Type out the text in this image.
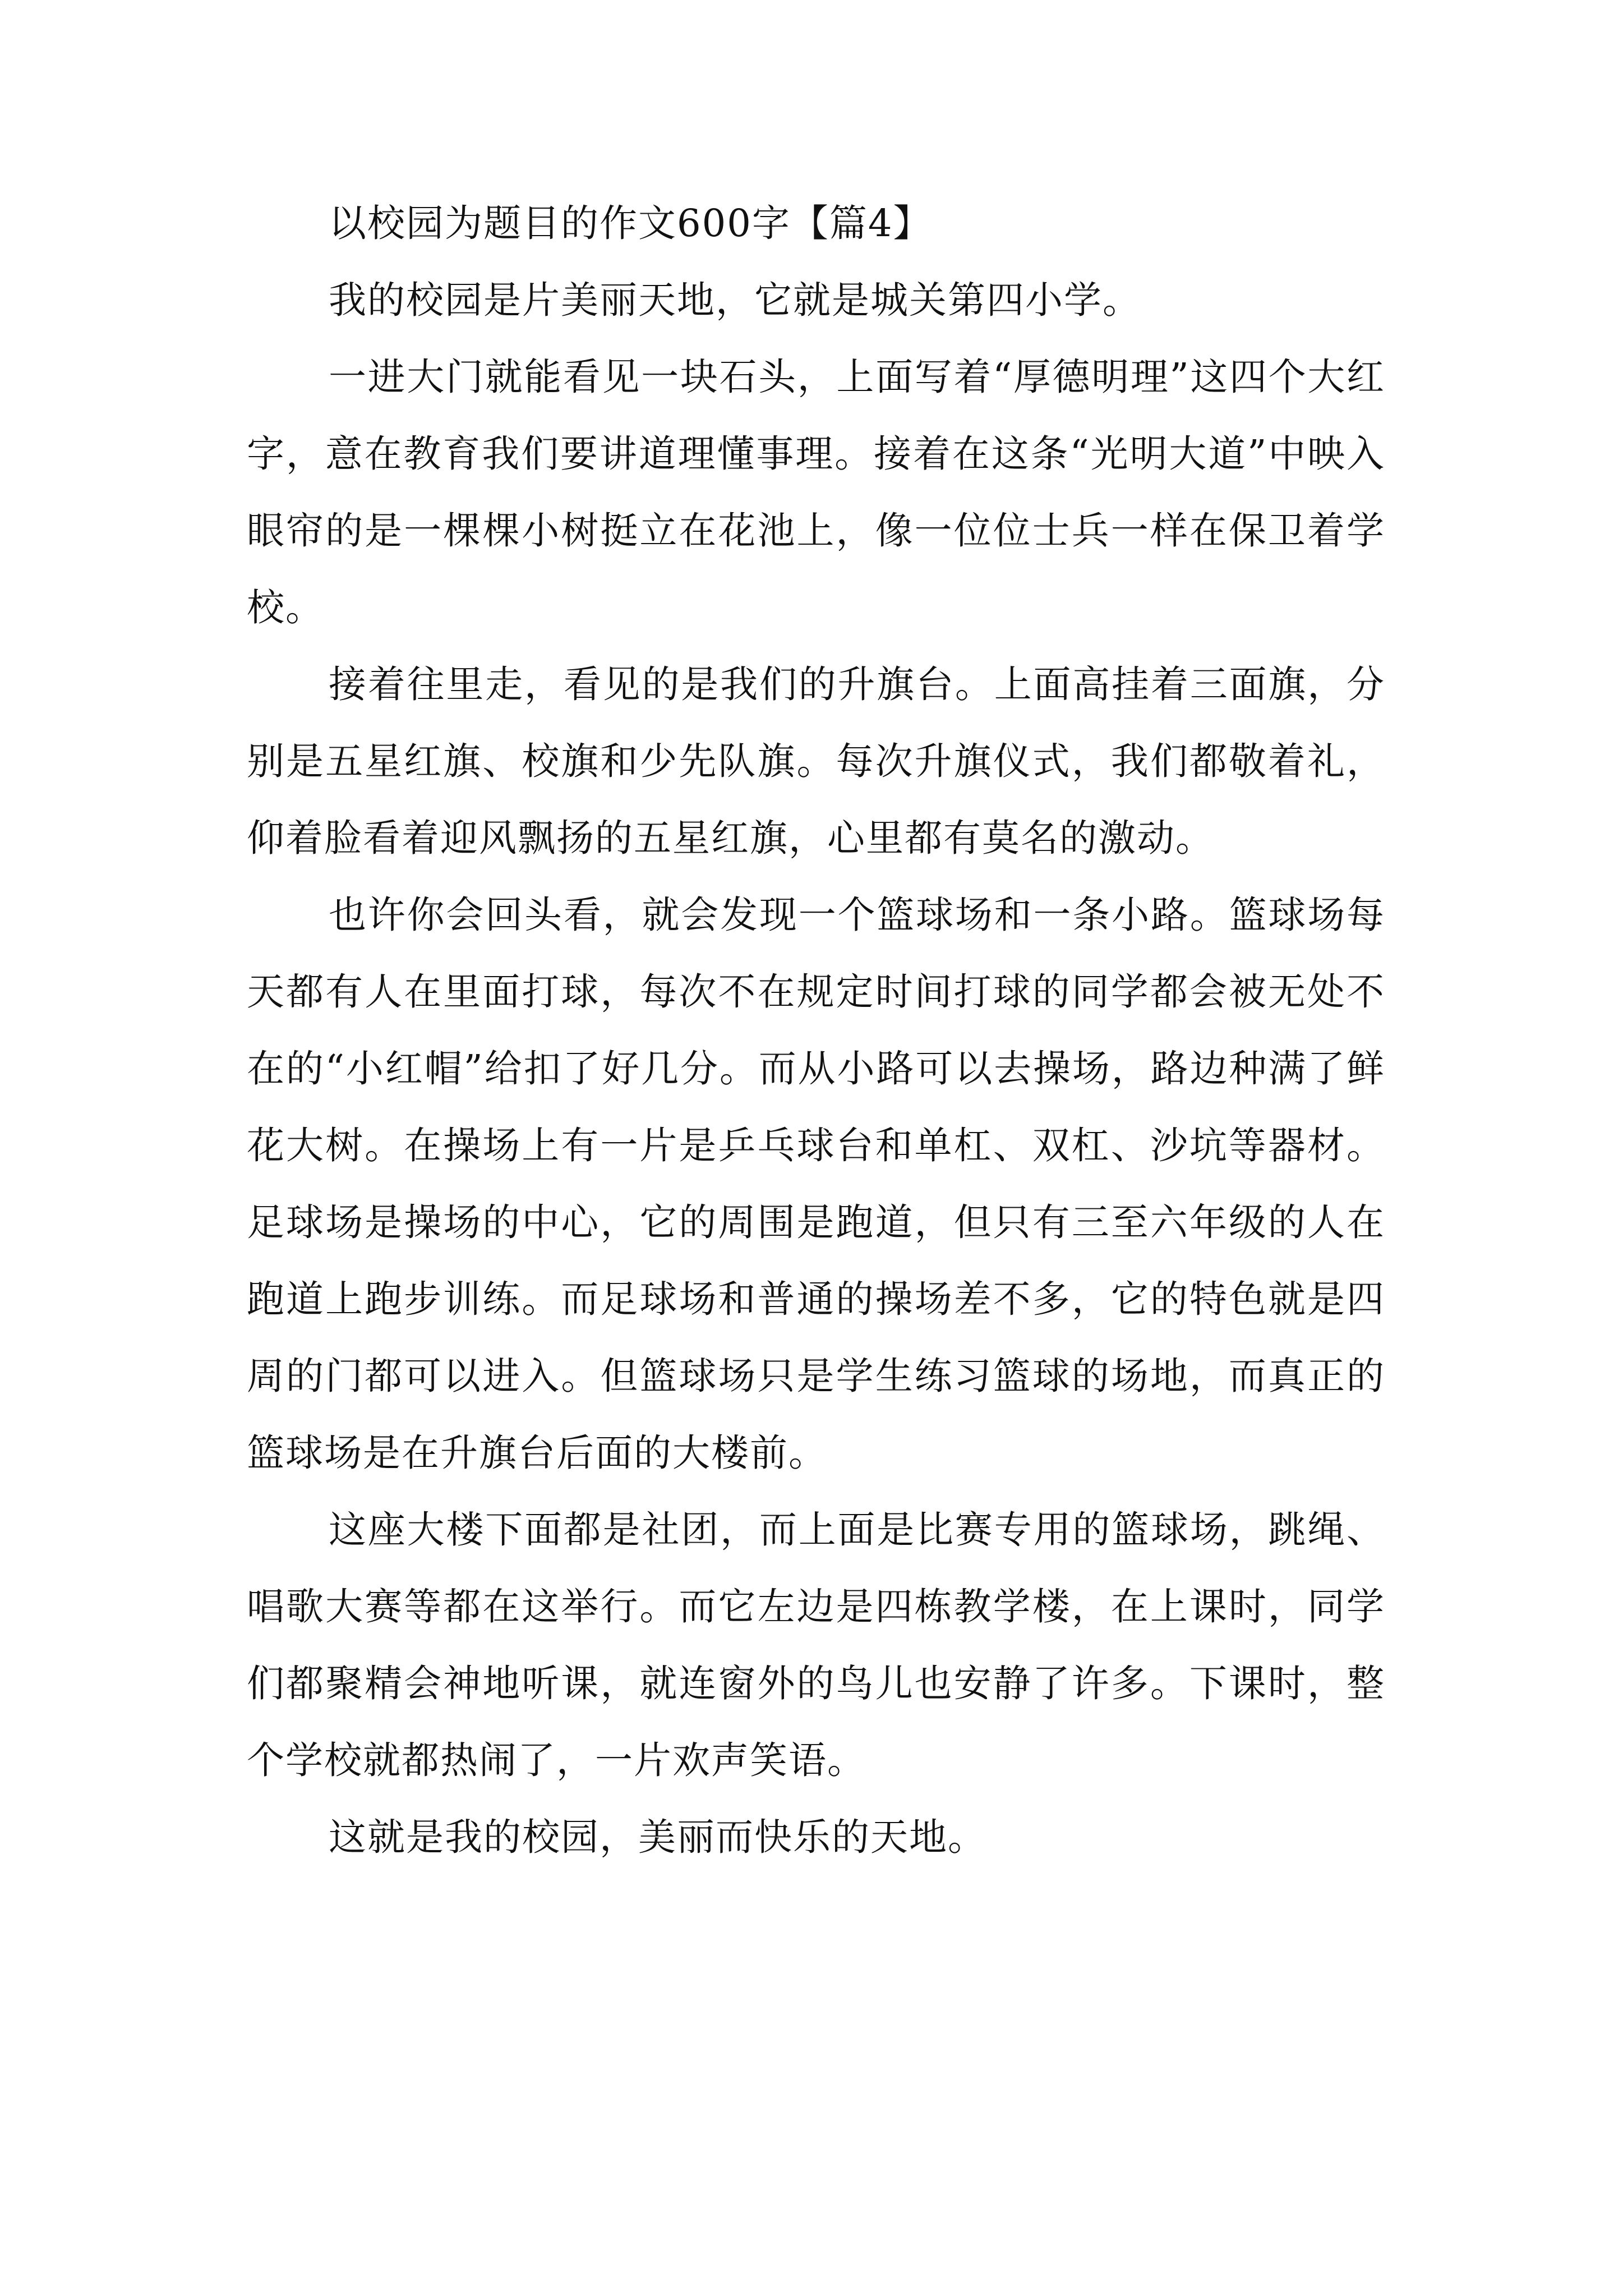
以校园为题目的作文600字【篇4】

我的校园是片美丽天地，它就是城关第四小学。

一进大门就能看见一块石头，上面写着“厚德明理”这四个大红字，意在教育我们要讲道理懂事理。接着在这条“光明大道”中映入眼帘的是一棵棵小树挺立在花池上，像一位位士兵一样在保卫着学校。

接着往里走，看见的是我们的升旗台。上面高挂着三面旗，分别是五星红旗、校旗和少先队旗。每次升旗仪式，我们都敬着礼，仰着脸看着迎风飘扬的五星红旗，心里都有莫名的激动。

也许你会回头看，就会发现一个篮球场和一条小路。篮球场每天都有人在里面打球，每次不在规定时间打球的同学都会被无处不在的“小红帽”给扣了好几分。而从小路可以去操场，路边种满了鲜花大树。在操场上有一片是乒乓球台和单杠、双杠、沙坑等器材。足球场是操场的中心，它的周围是跑道，但只有三至六年级的人在跑道上跑步训练。而足球场和普通的操场差不多，它的特色就是四周的门都可以进入。但篮球场只是学生练习篮球的场地，而真正的篮球场是在升旗台后面的大楼前。

这座大楼下面都是社团，而上面是比赛专用的篮球场，跳绳、唱歌大赛等都在这举行。而它左边是四栋教学楼，在上课时，同学们都聚精会神地听课，就连窗外的鸟儿也安静了许多。下课时，整个学校就都热闹了，一片欢声笑语。

这就是我的校园，美丽而快乐的天地。
